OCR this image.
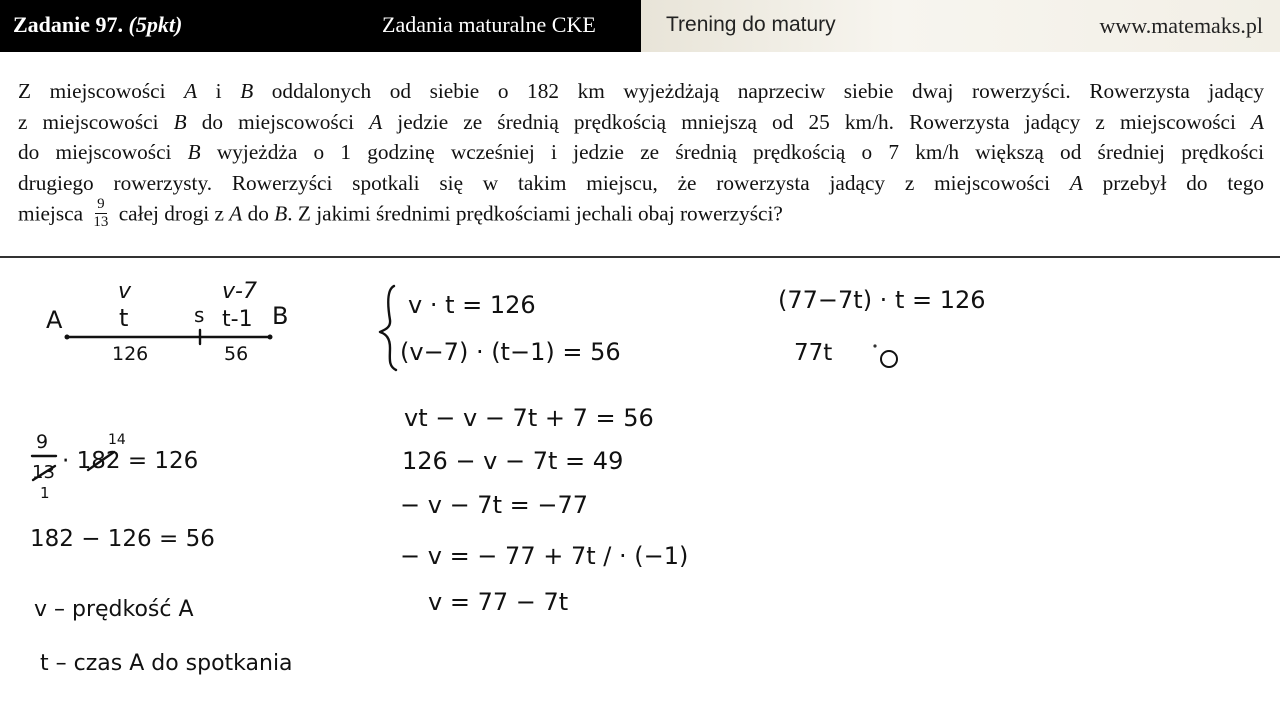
Zadanie 97. (5pkt)	Zadania maturalne CKE	Trening do matury	www.matemaks.pl

Z miejscowości A i B oddalonych od siebie o 182 km wyjeżdżają naprzeciw siebie dwaj rowerzyści. Rowerzysta jadący

z miejscowości B do miejscowości A jedzie ze średnią prędkością mniejszą od 25 km/h. Rowerzysta jadący z miejscowości A

do miejscowości B wyjeżdża o 1 godzinę wcześniej i jedzie ze średnią prędkością o 7 km/h większą od średniej prędkości

drugiego rowerzysty. Rowerzyści spotkali się w takim miejscu, że rowerzysta jadący z miejscowości A przebył do tego

miejsca $\frac{9}{13}$ całej drogi z A do B. Z jakimi średnimi prędkościami jechali obaj rowerzyści?

A	B
s
v
t
v-7
t-1
126	56
9
13
1
14
· 182 = 126
182 − 126 = 56
v – prędkość A
t – czas A do spotkania
v · t = 126
(v−7) · (t−1) = 56
vt − v − 7t + 7 = 56
126 − v − 7t = 49
− v − 7t = −77
− v = − 77 + 7t / · (−1)
v = 77 − 7t
(77−7t) · t = 126
77t
